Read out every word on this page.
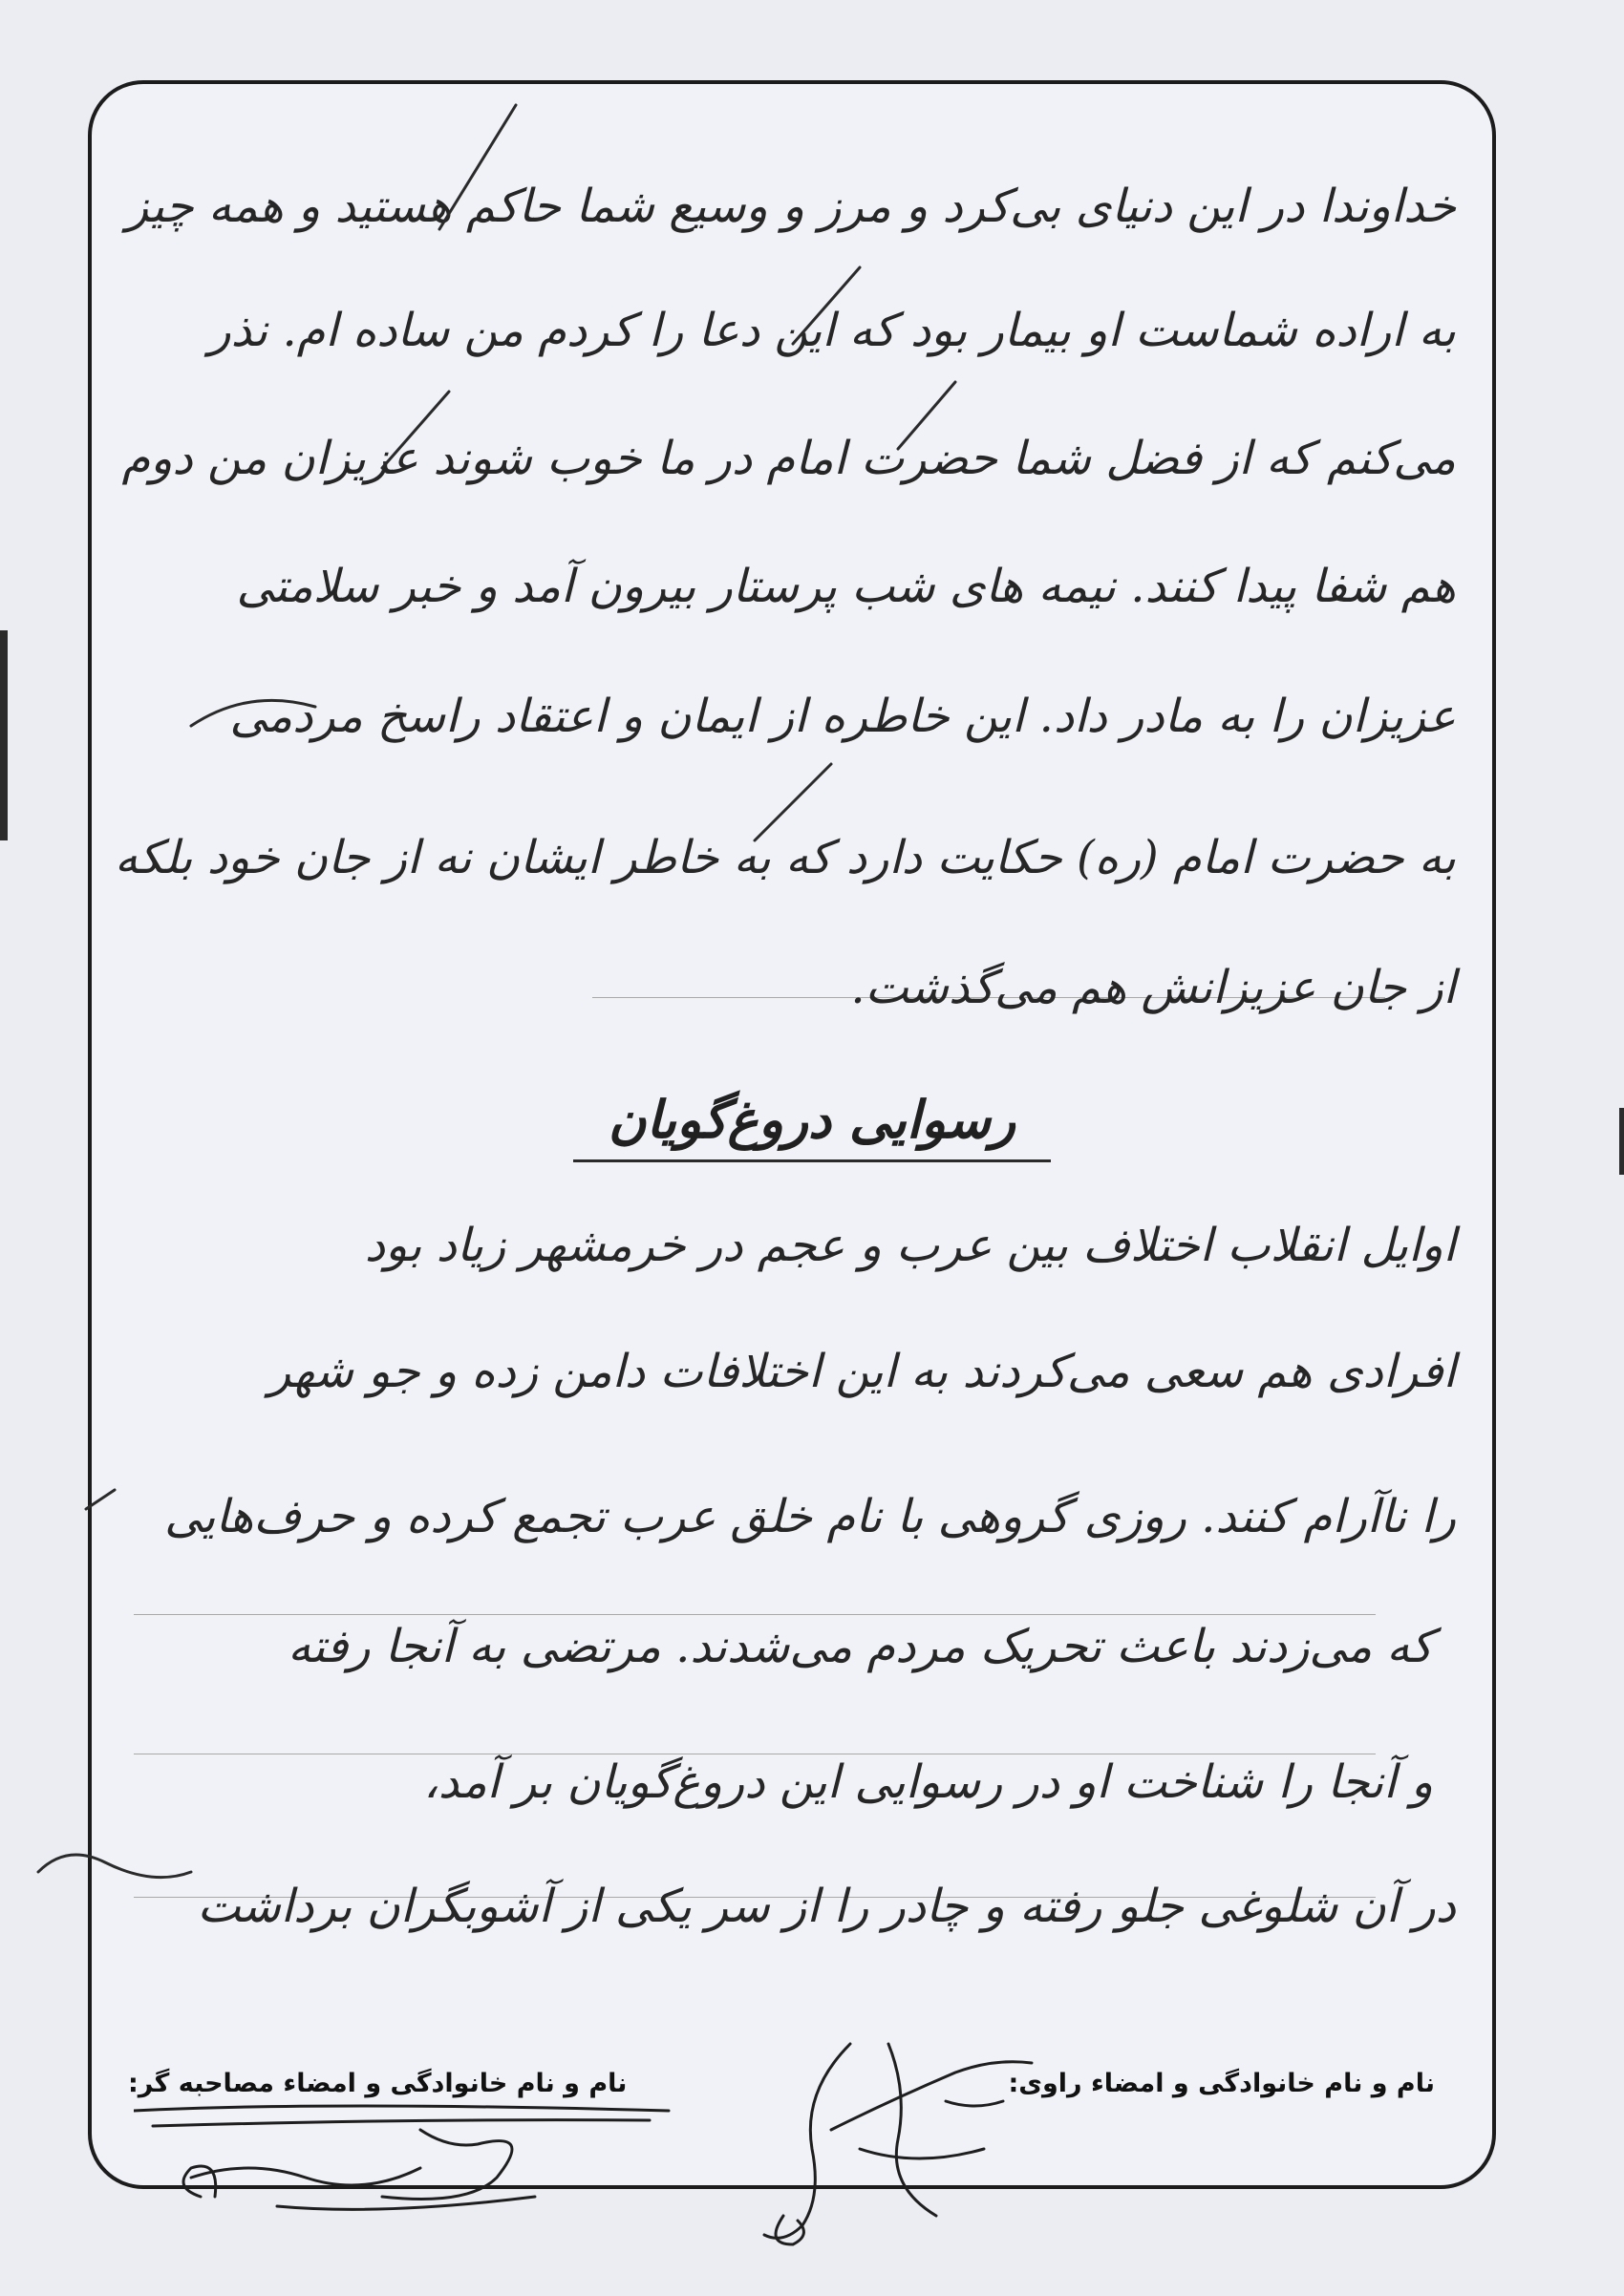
خداوندا در این دنیای بی‌کرد و مرز و وسیع شما حاکم هستید و همه چیز
به اراده شماست او بیمار بود که این دعا را کردم من ساده ام. نذر
می‌کنم که از فضل شما حضرت امام در ما خوب شوند عزیزان من دوم
هم شفا پیدا کنند. نیمه های شب پرستار بیرون آمد و خبر سلامتی
عزیزان را به مادر داد. این خاطره از ایمان و اعتقاد راسخ مردمی
به حضرت امام (ره) حکایت دارد که به خاطر ایشان نه از جان خود بلکه
از جان عزیزانش هم می‌گذشت.
رسوایی دروغ‌گویان
اوایل انقلاب اختلاف بین عرب و عجم در خرمشهر زیاد بود
افرادی هم سعی می‌کردند به این اختلافات دامن زده و جو شهر
را ناآرام کنند. روزی گروهی با نام خلق عرب تجمع کرده و حرف‌هایی
که می‌زدند باعث تحریک مردم می‌شدند. مرتضی به آنجا رفته
و آنجا را شناخت او در رسوایی این دروغ‌گویان بر آمد،
در آن شلوغی جلو رفته و چادر را از سر یکی از آشوبگران برداشت
نام و نام خانوادگی و امضاء راوی:
نام و نام خانوادگی و امضاء مصاحبه گر:
